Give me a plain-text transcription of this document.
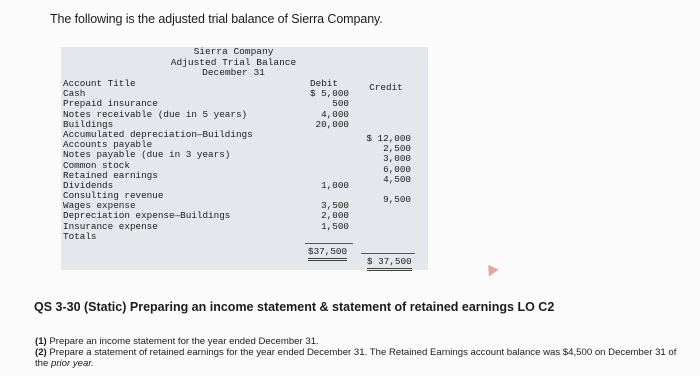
The following is the adjusted trial balance of Sierra Company.
Sierra Company
Adjusted Trial Balance
December 31
Account Title
Cash
Prepaid insurance
Notes receivable (due in 5 years)
Buildings
Accumulated depreciation—Buildings
Accounts payable
Notes payable (due in 3 years)
Common stock
Retained earnings
Dividends
Consulting revenue
Wages expense
Depreciation expense—Buildings
Insurance expense
Totals
Debit
$ 5,000
500
4,000
20,000
1,000
3,500
2,000
1,500
Credit
$ 12,000
2,500
3,000
6,000
4,500
9,500
$37,500
$ 37,500
QS 3-30 (Static) Preparing an income statement & statement of retained earnings LO C2
(1) Prepare an income statement for the year ended December 31.
(2) Prepare a statement of retained earnings for the year ended December 31. The Retained Earnings account balance was $4,500 on December 31 of the prior year.
